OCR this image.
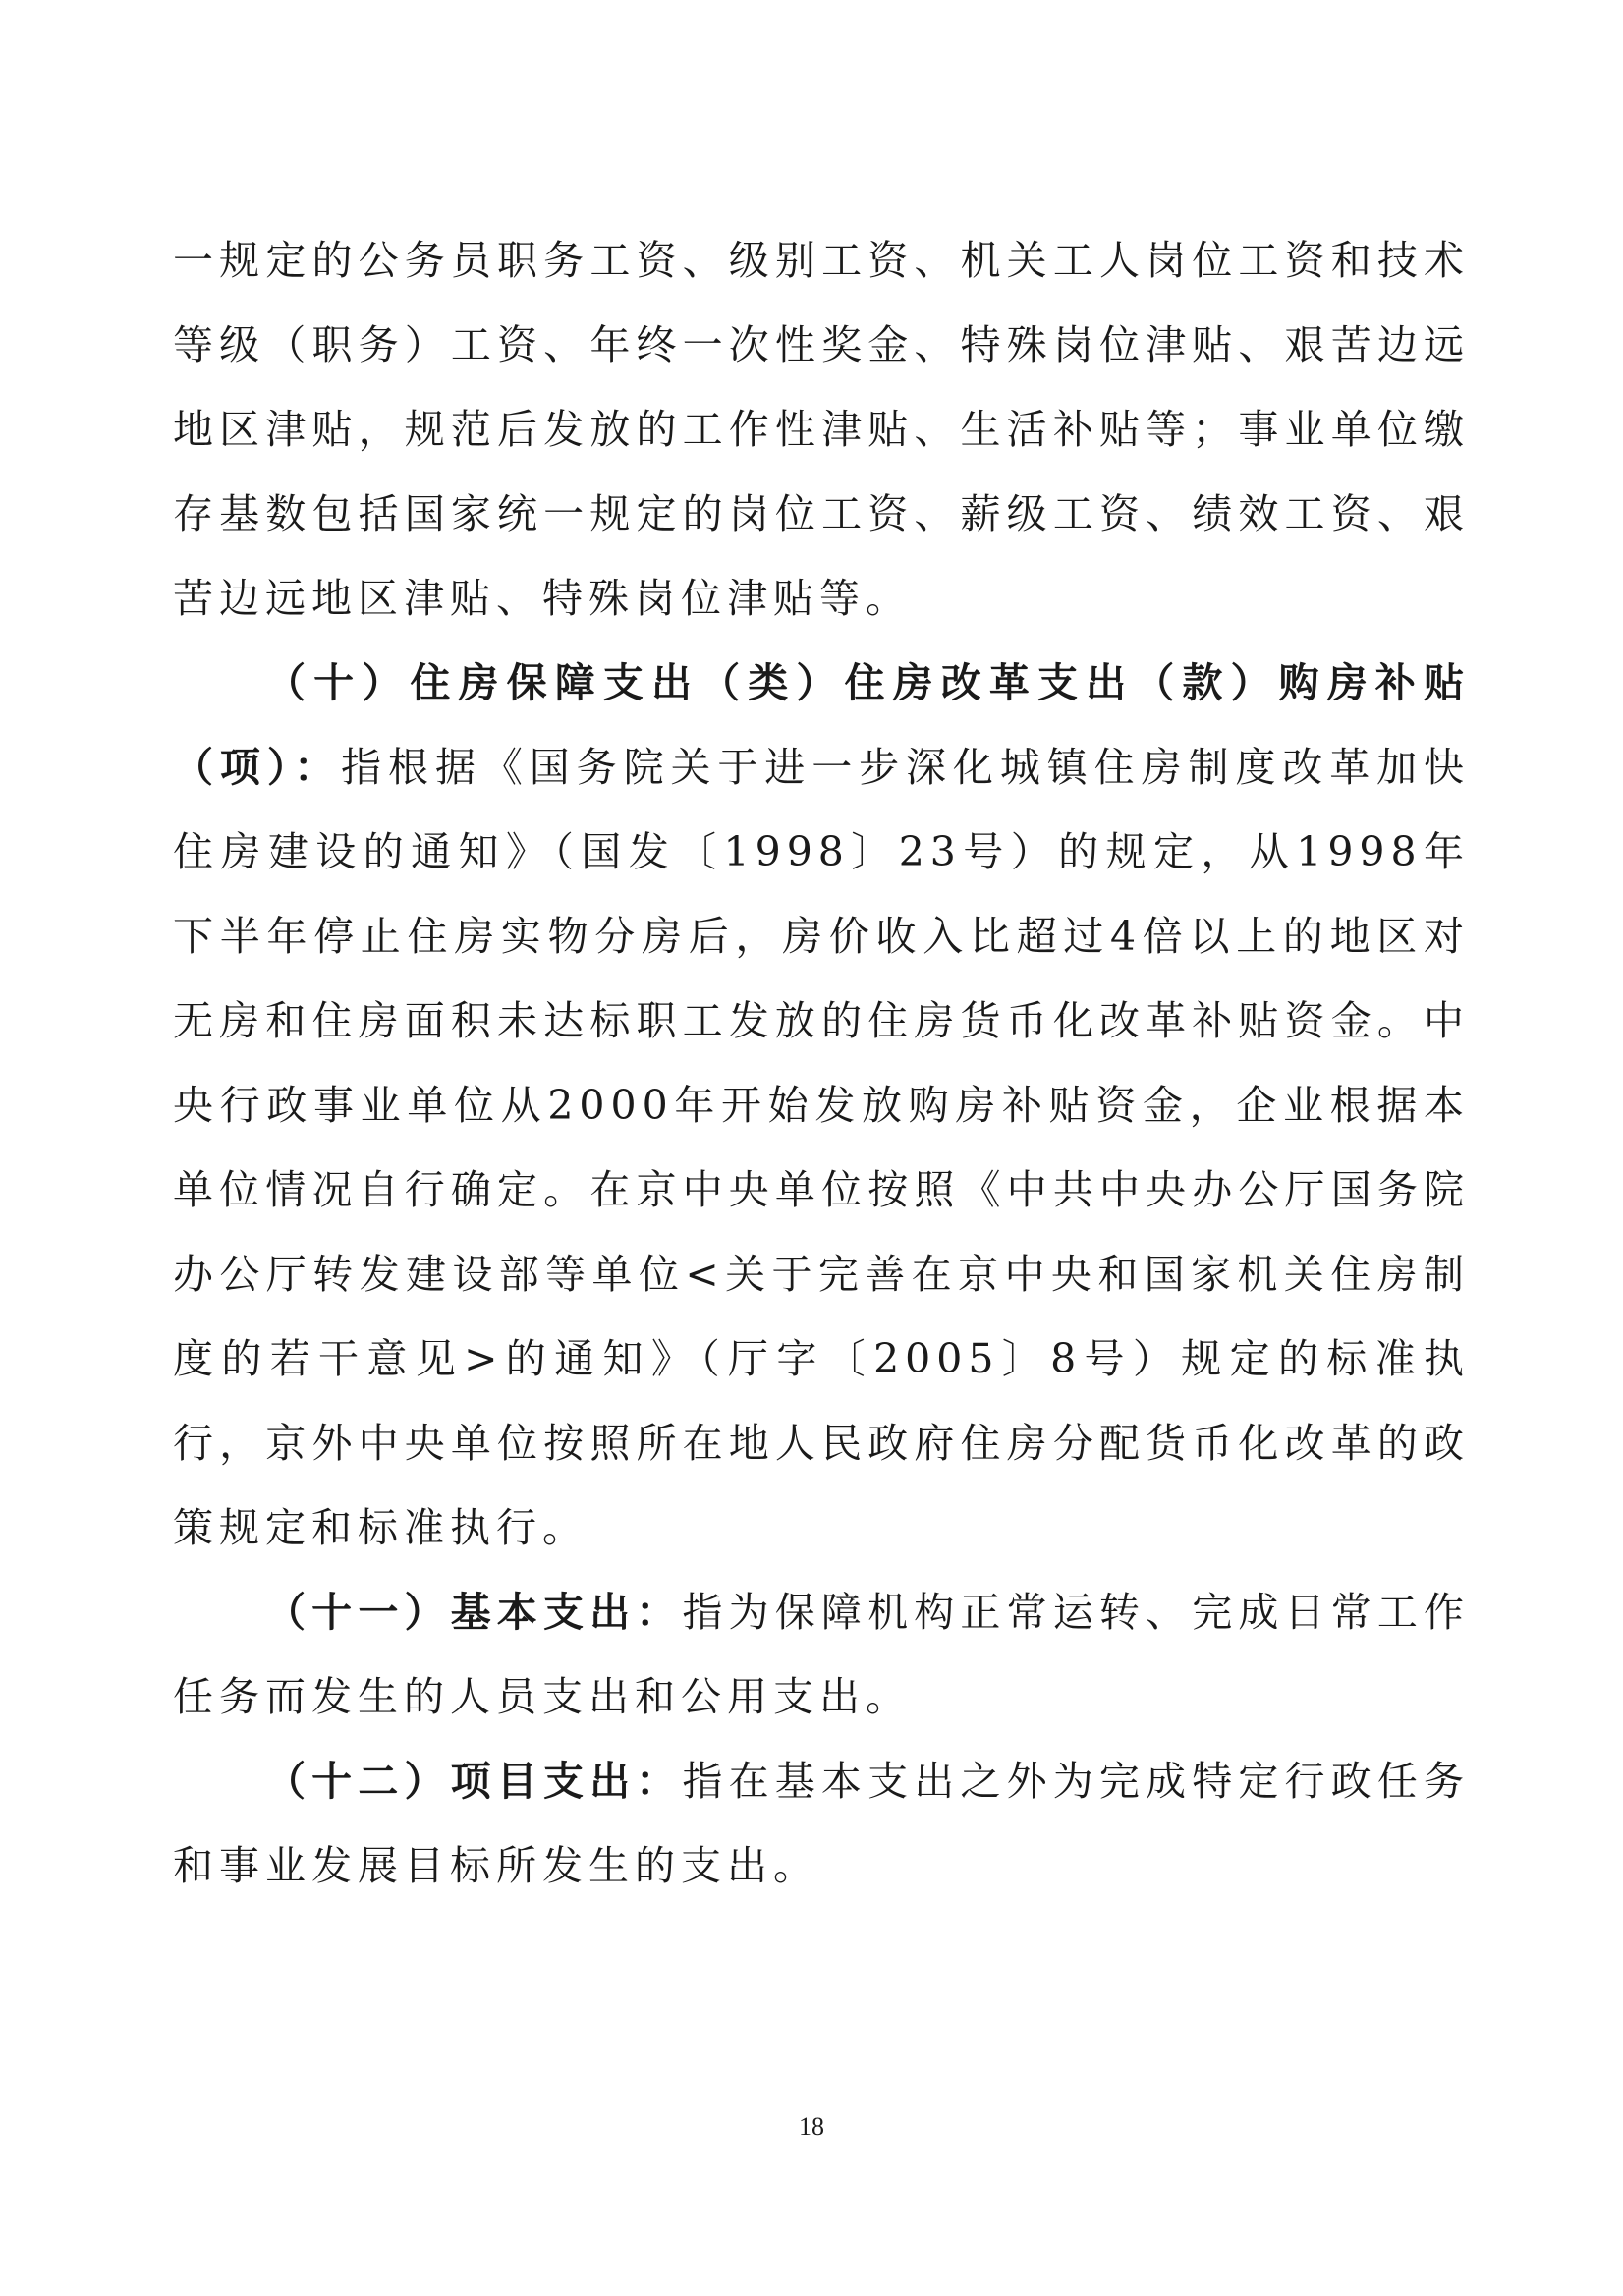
一规定的公务员职务工资、级别工资、机关工人岗位工资和技术等级（职务）工资、年终一次性奖金、特殊岗位津贴、艰苦边远地区津贴，规范后发放的工作性津贴、生活补贴等；事业单位缴存基数包括国家统一规定的岗位工资、薪级工资、绩效工资、艰苦边远地区津贴、特殊岗位津贴等。

（十）住房保障支出（类）住房改革支出（款）购房补贴（项）：指根据《国务院关于进一步深化城镇住房制度改革加快住房建设的通知》（国发〔1998〕23号）的规定，从1998年下半年停止住房实物分房后，房价收入比超过4倍以上的地区对无房和住房面积未达标职工发放的住房货币化改革补贴资金。中央行政事业单位从2000年开始发放购房补贴资金，企业根据本单位情况自行确定。在京中央单位按照《中共中央办公厅国务院办公厅转发建设部等单位<关于完善在京中央和国家机关住房制度的若干意见>的通知》（厅字〔2005〕8号）规定的标准执行，京外中央单位按照所在地人民政府住房分配货币化改革的政策规定和标准执行。

（十一）基本支出：指为保障机构正常运转、完成日常工作任务而发生的人员支出和公用支出。

（十二）项目支出：指在基本支出之外为完成特定行政任务和事业发展目标所发生的支出。

18
